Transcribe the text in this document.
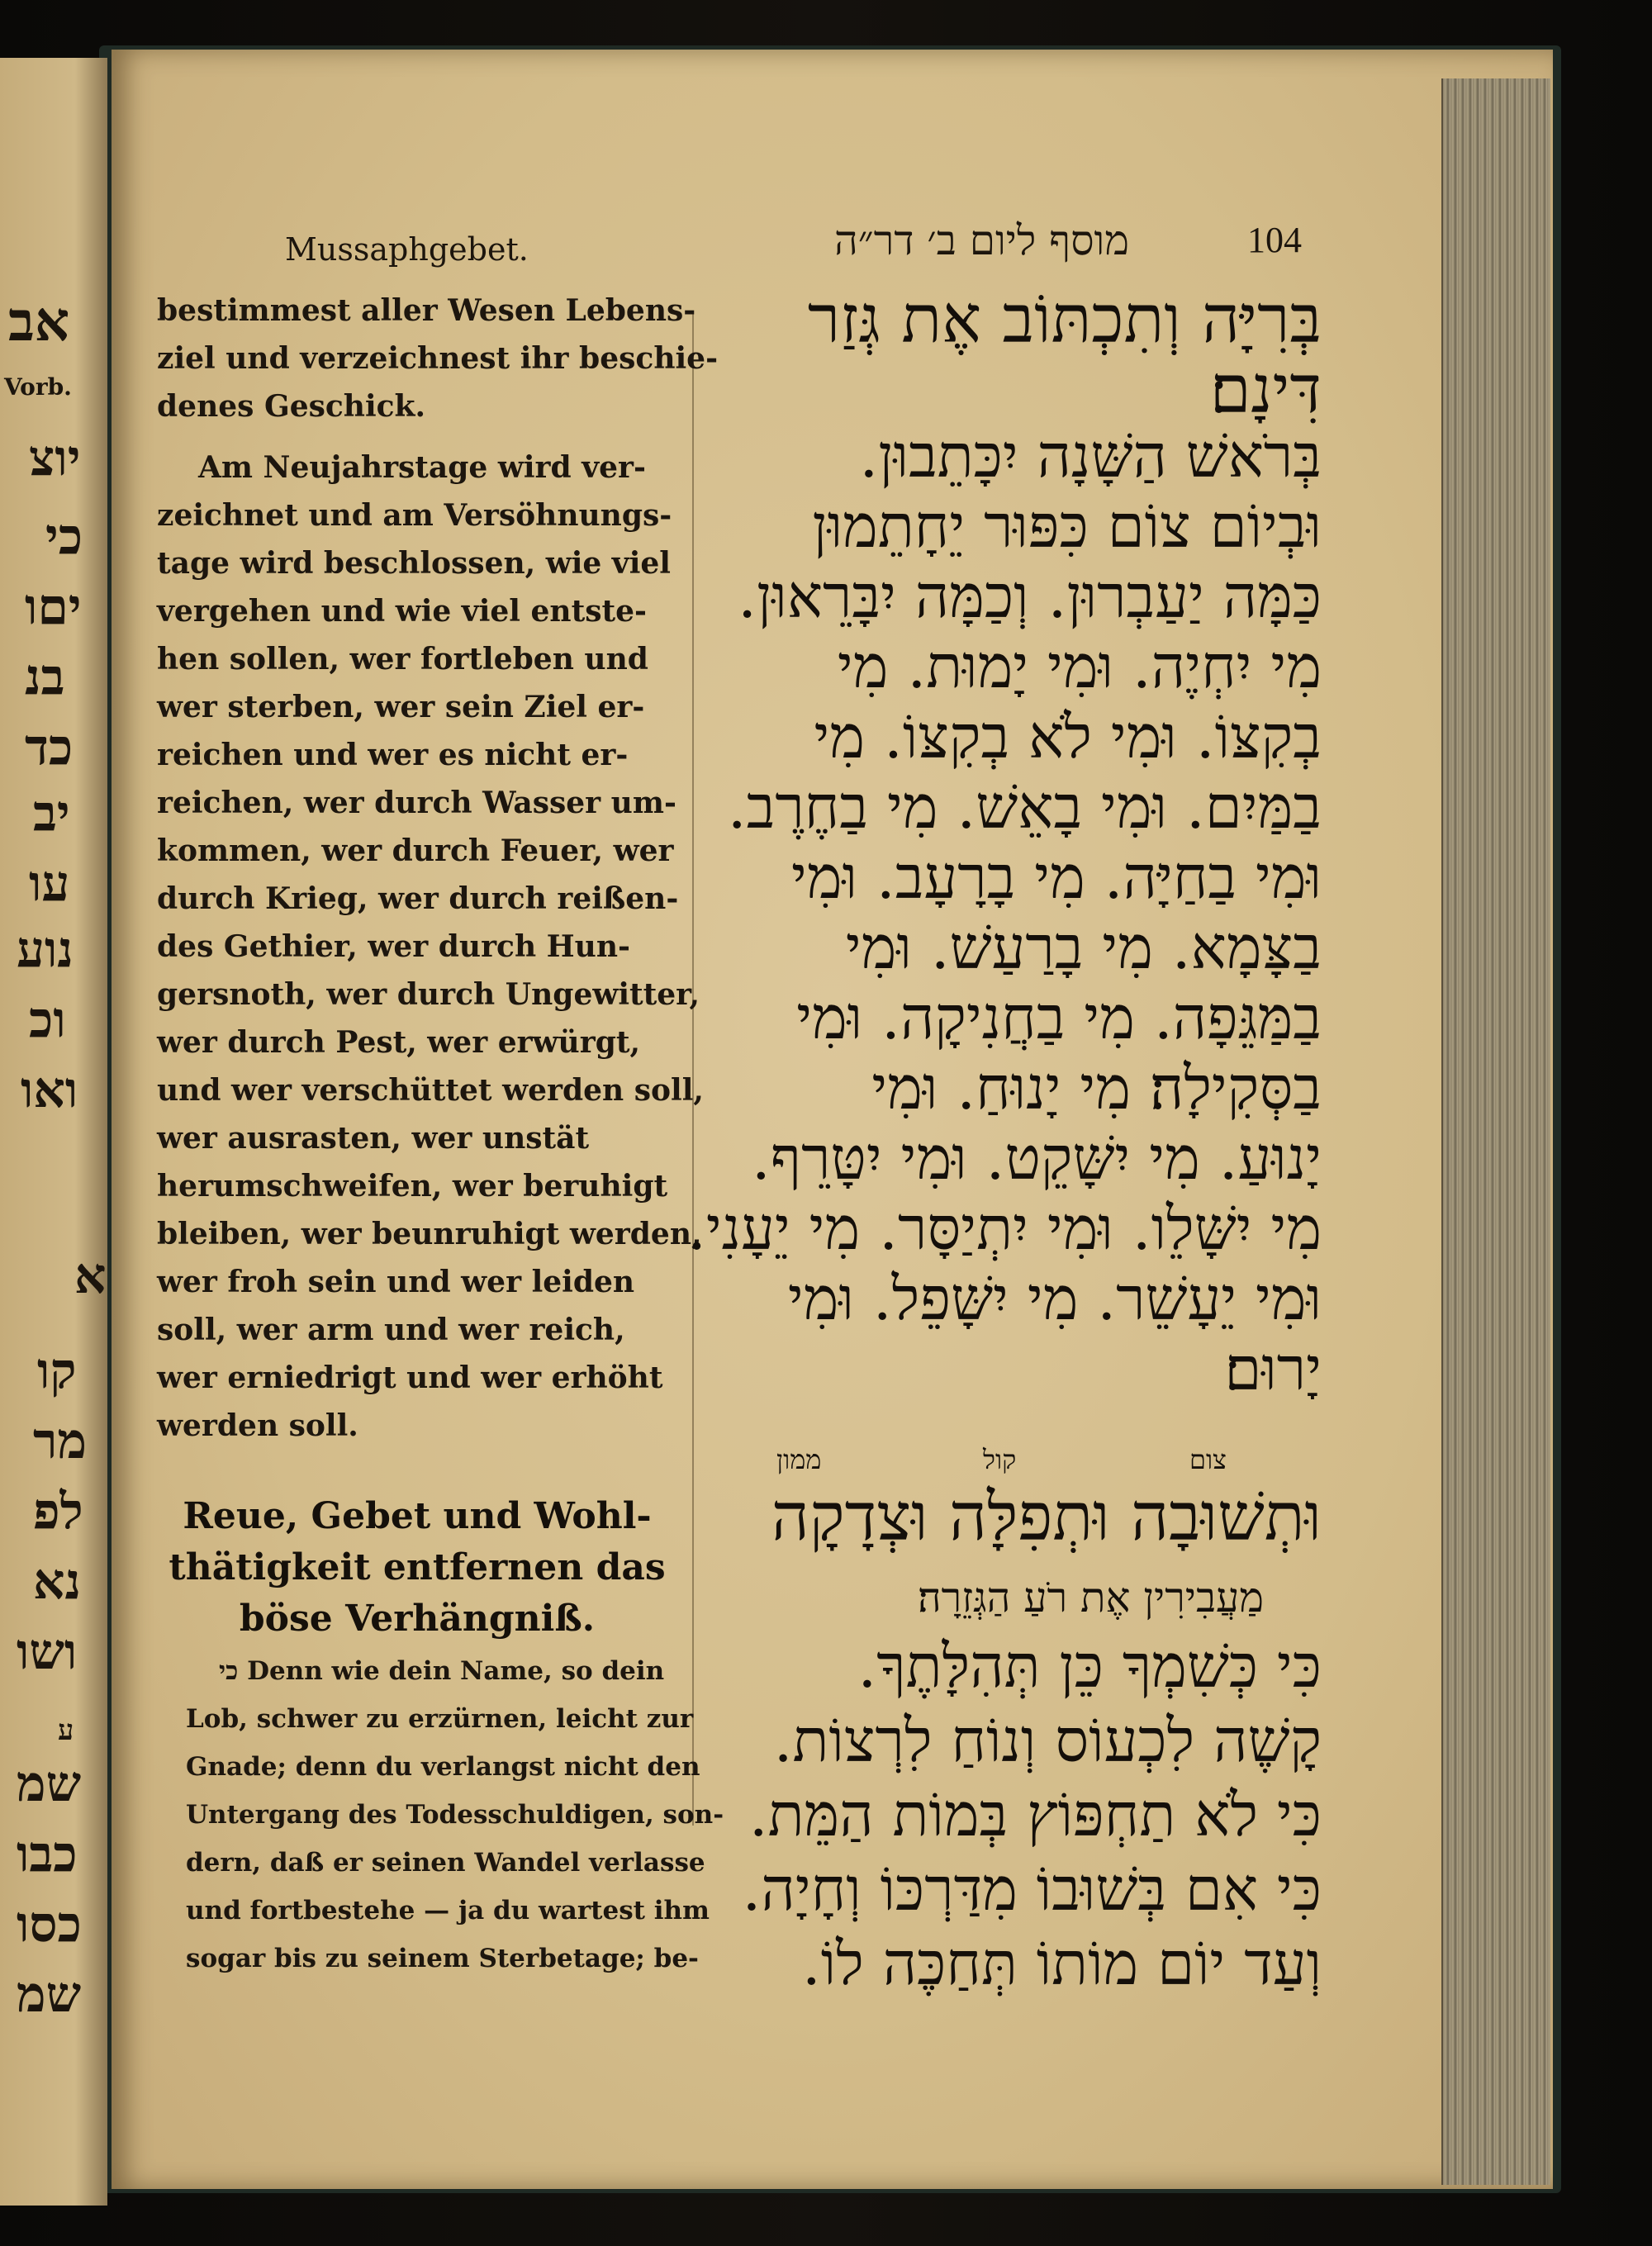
אב
Vorb.
יוצ
כי
יםו
בנ
כד
יב
עו
נוע
וכ
ואו
א
קו
מר
לפ
נא
ושו
ע
שמ
כבו
כסו
שמ
Mussaphgebet.	מוסף ליום ב׳ דר״ה	104
bestimmest aller Wesen Lebens-
ziel und verzeichnest ihr beschie-
denes Geschick.
Am Neujahrstage wird ver-
zeichnet und am Versöhnungs-
tage wird beschlossen, wie viel
vergehen und wie viel entste-
hen sollen, wer fortleben und
wer sterben, wer sein Ziel er-
reichen und wer es nicht er-
reichen, wer durch Wasser um-
kommen, wer durch Feuer, wer
durch Krieg, wer durch reißen-
des Gethier, wer durch Hun-
gersnoth, wer durch Ungewitter,
wer durch Pest, wer erwürgt,
und wer verschüttet werden soll,
wer ausrasten, wer unstät
herumschweifen, wer beruhigt
bleiben, wer beunruhigt werden,
wer froh sein und wer leiden
soll, wer arm und wer reich,
wer erniedrigt und wer erhöht
werden soll.
Reue, Gebet und Wohl-
thätigkeit entfernen das
böse Verhängniß.
כי Denn wie dein Name, so dein
Lob, schwer zu erzürnen, leicht zur
Gnade; denn du verlangst nicht den
Untergang des Todesschuldigen, son-
dern, daß er seinen Wandel verlasse
und fortbestehe — ja du wartest ihm
sogar bis zu seinem Sterbetage; be-
בְּרִיָּה וְתִכְתּוֹב אֶת גְּזַר
דִּינָם׃
בְּרֹאשׁ הַשָּׁנָה יִכָּתֵבוּן.
וּבְיוֹם צוֹם כִּפּוּר יֵחָתֵמוּן
כַּמָּה יַעַבְרוּן. וְכַמָּה יִבָּרֵאוּן.
מִי יִחְיֶה. וּמִי יָמוּת. מִי
בְקִצּוֹ. וּמִי לֹא בְקִצּוֹ. מִי
בַמַּיִם. וּמִי בָאֵשׁ. מִי בַחֶרֶב.
וּמִי בַחַיָּה. מִי בָרָעָב. וּמִי
בַצָּמָא. מִי בָרַעַשׁ. וּמִי
בַמַּגֵּפָה. מִי בַחֲנִיקָה. וּמִי
בַסְּקִילָה׃ מִי יָנוּחַ. וּמִי
יָנוּעַ. מִי יִשָּׁקֵט. וּמִי יִטָּרֵף.
מִי יִשָּׁלֵו. וּמִי יִתְיַסָּר. מִי יֵעָנִי.
וּמִי יֵעָשֵׁר. מִי יִשָּׁפֵל. וּמִי
יָרוּם׃
צום
קול
ממון
וּתְשׁוּבָה וּתְפִלָּה וּצְדָקָה
מַעֲבִירִין אֶת רֹעַ הַגְּזֵרָה׃
כִּי כְּשִׁמְךָ כֵּן תְּהִלָּתֶךָ.
קָשֶׁה לִכְעוֹס וְנוֹחַ לִרְצוֹת.
כִּי לֹא תַחְפּוֹץ בְּמוֹת הַמֵּת.
כִּי אִם בְּשׁוּבוֹ מִדַּרְכּוֹ וְחָיָה.
וְעַד יוֹם מוֹתוֹ תְּחַכֶּה לוֹ.
